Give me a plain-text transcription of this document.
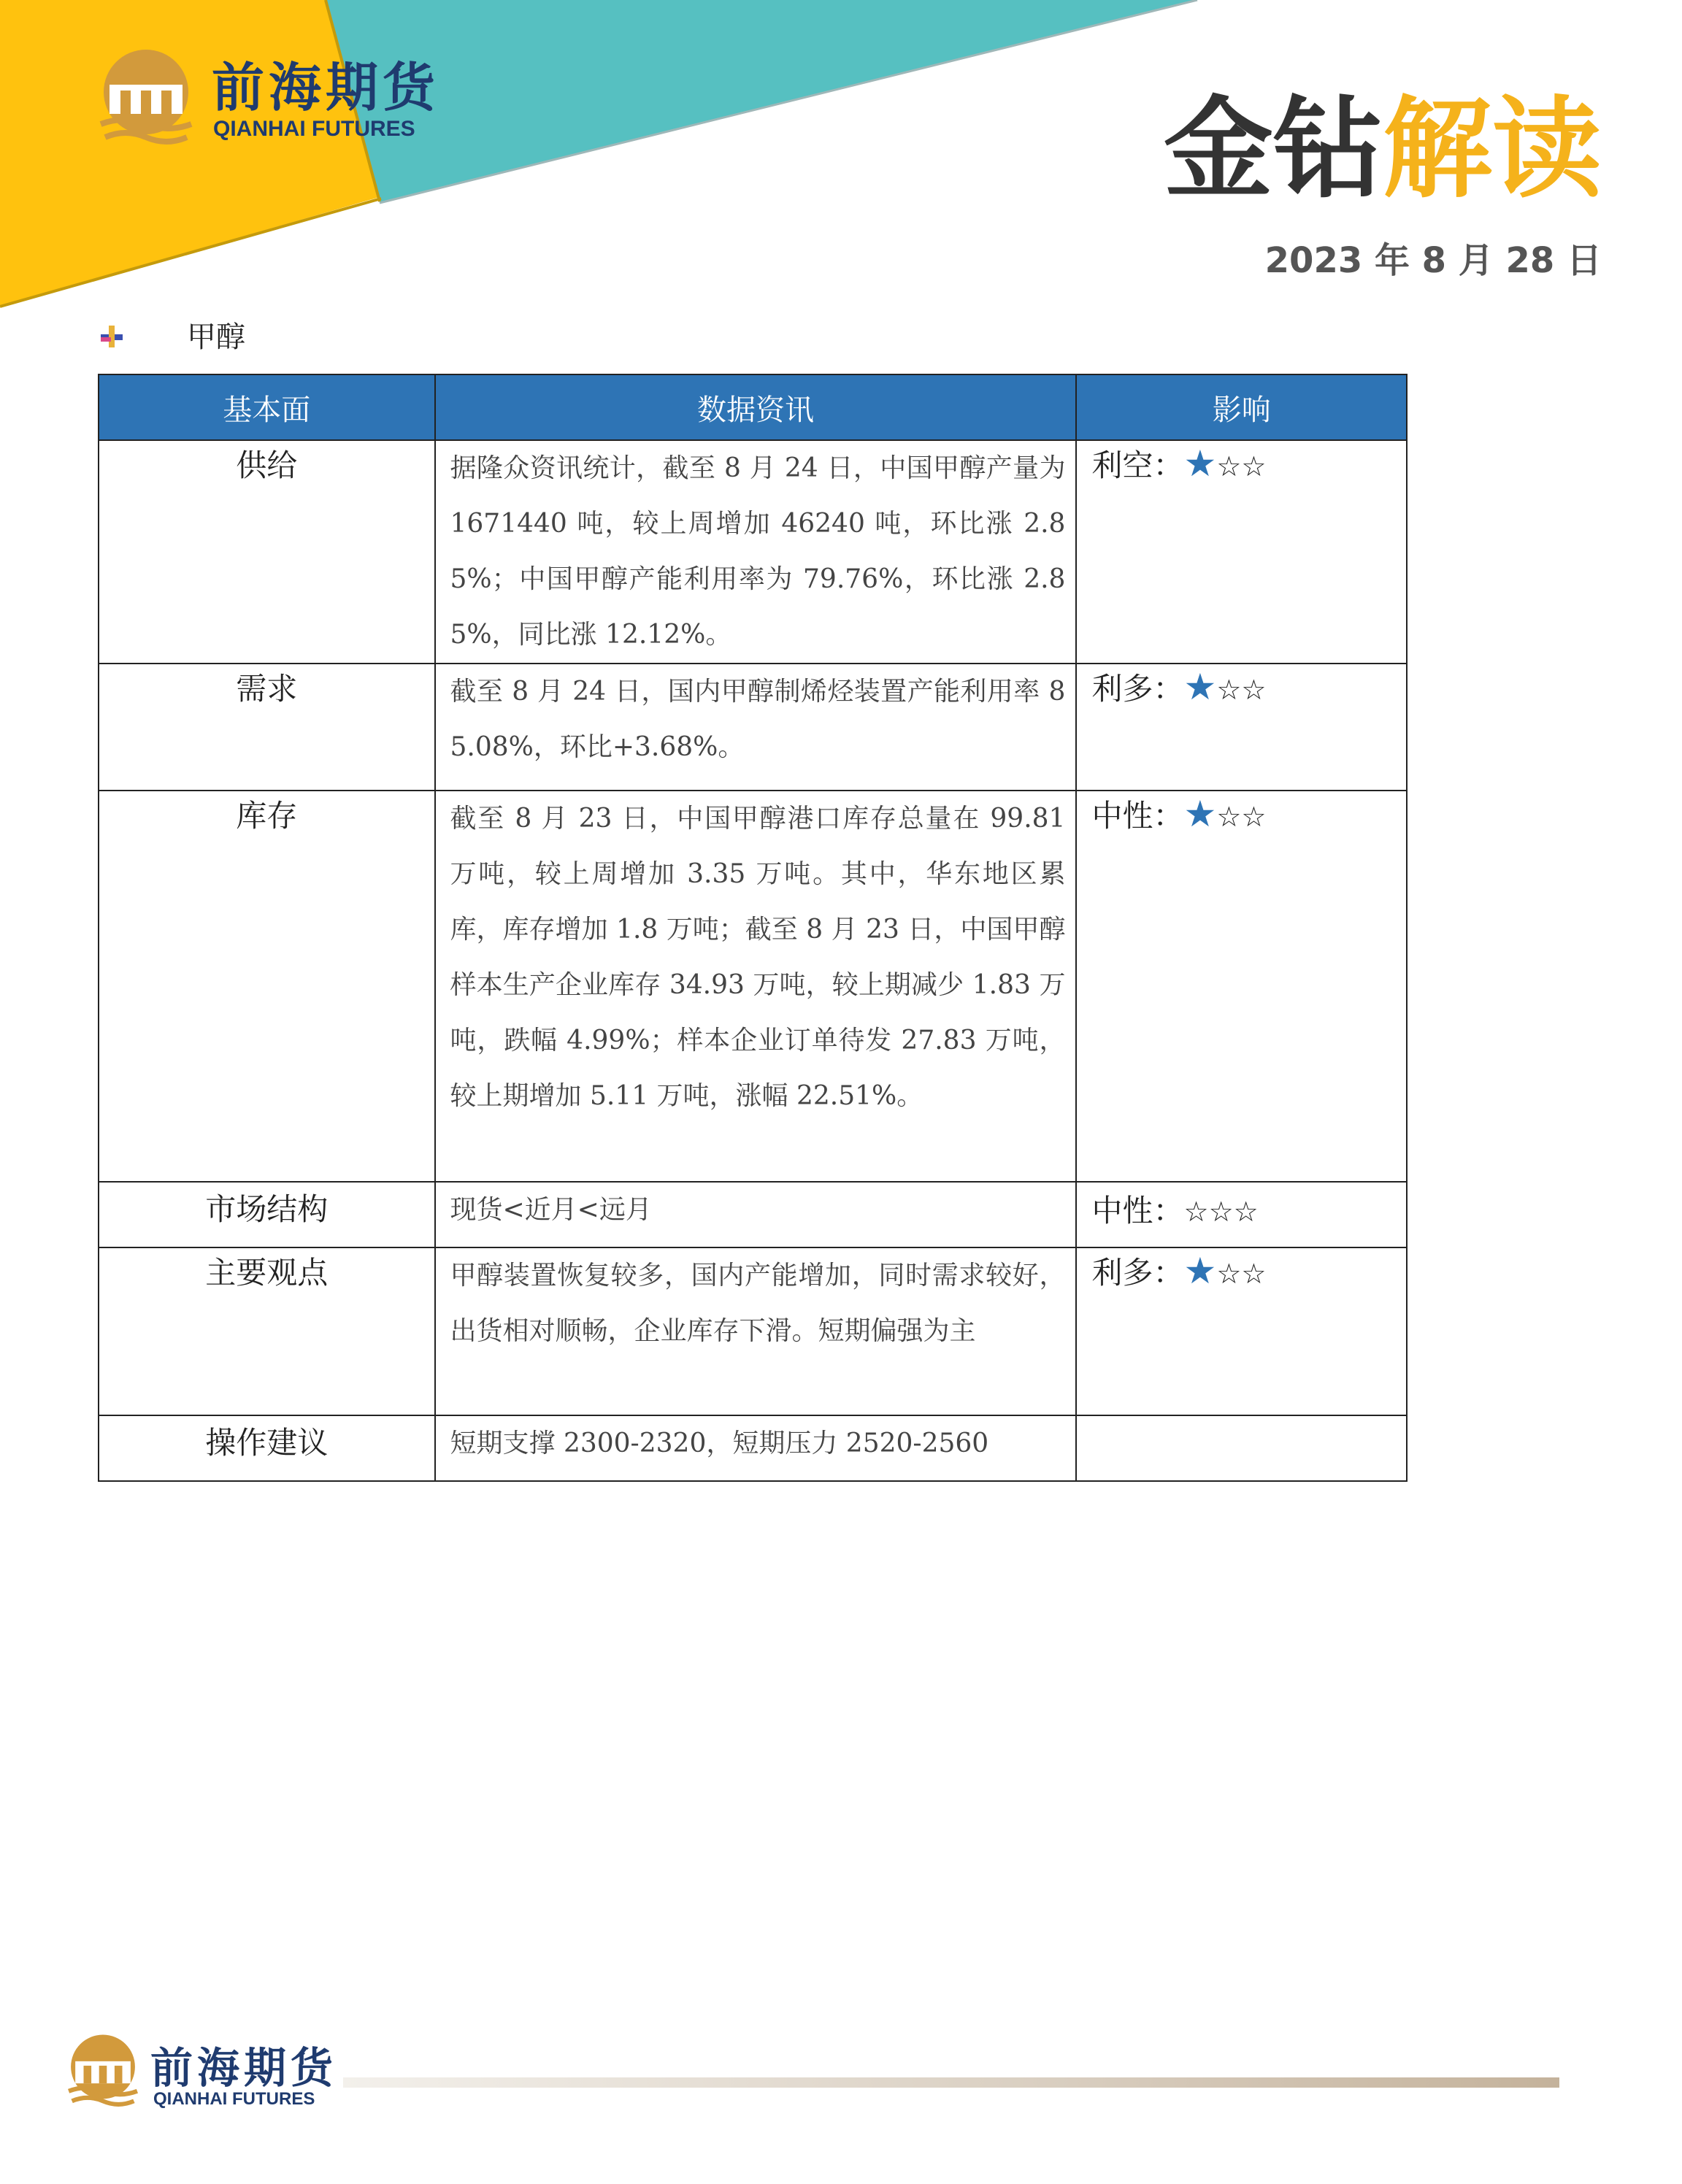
前海期货
QIANHAI FUTURES	金钻解读
2023 年 8 月 28 日
甲醇
基本面	数据资讯	影响
供给	据隆众资讯统计，截至 8 月 24 日，中国甲醇产量为 1671440 吨，较上周增加 46240 吨，环比涨 2.85%；中国甲醇产能利用率为 79.76%，环比涨 2.85%，同比涨 12.12%。	利空：★☆☆
需求	截至 8 月 24 日，国内甲醇制烯烃装置产能利用率 85.08%，环比+3.68%。	利多：★☆☆
库存	截至 8 月 23 日，中国甲醇港口库存总量在 99.81 万吨，较上周增加 3.35 万吨。其中，华东地区累库，库存增加 1.8 万吨；截至 8 月 23 日，中国甲醇样本生产企业库存 34.93 万吨，较上期减少 1.83 万吨，跌幅 4.99%；样本企业订单待发 27.83 万吨，较上期增加 5.11 万吨，涨幅 22.51%。	中性：★☆☆
市场结构	现货<近月<远月	中性：☆☆☆
主要观点	甲醇装置恢复较多，国内产能增加，同时需求较好，出货相对顺畅，企业库存下滑。短期偏强为主	利多：★☆☆
操作建议	短期支撑 2300-2320，短期压力 2520-2560	
前海期货
QIANHAI FUTURES
